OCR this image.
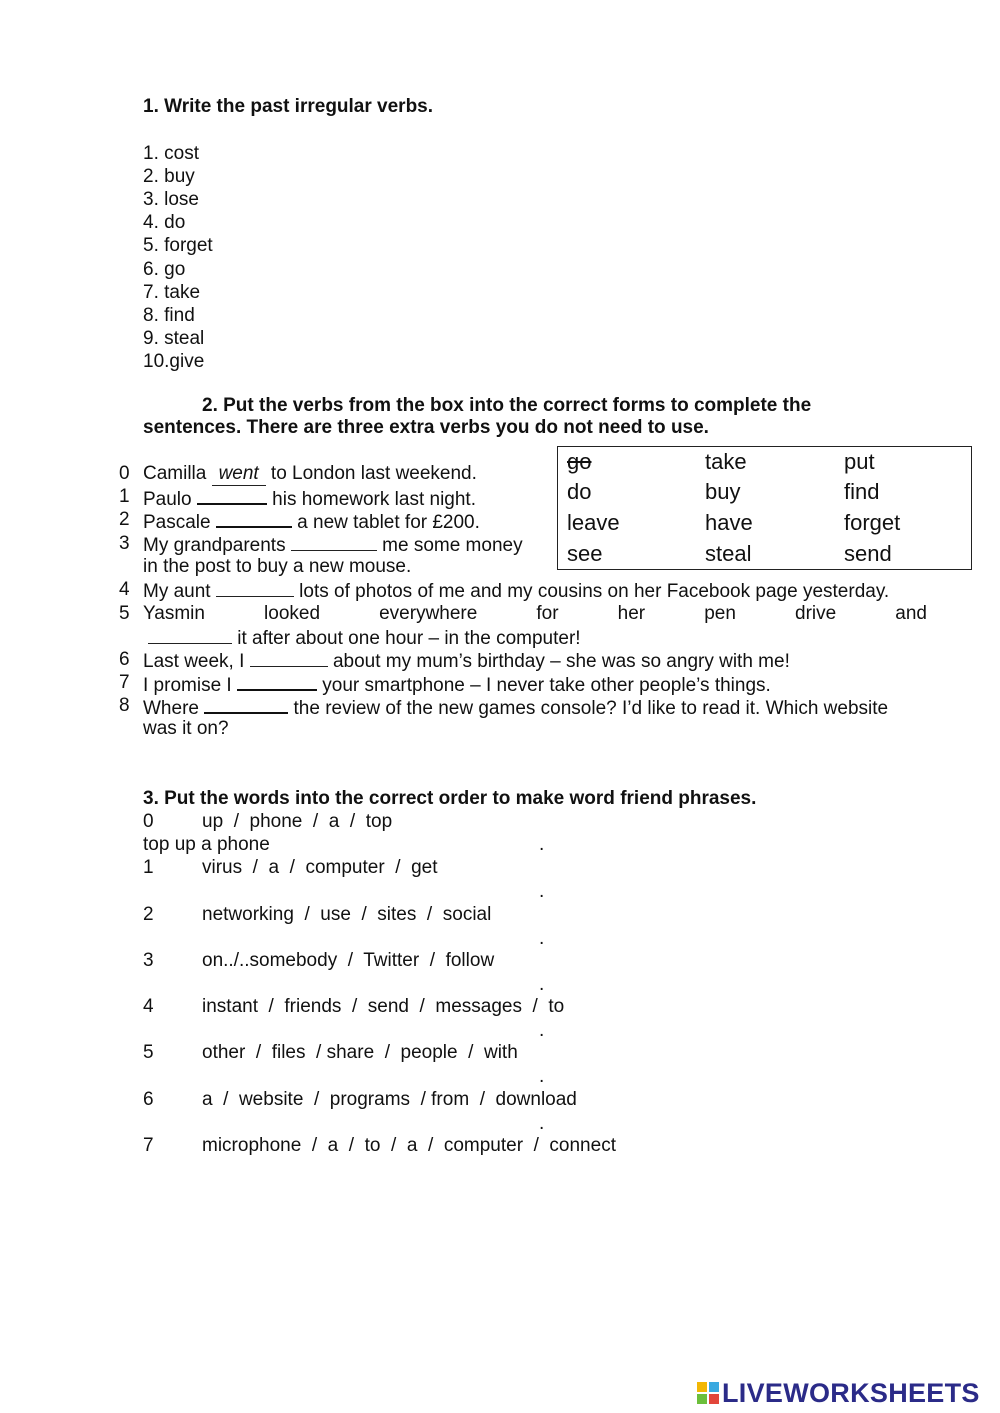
1. Write the past irregular verbs.
1. cost
2. buy
3. lose
4. do
5. forget
6. go
7. take
8. find
9. steal
10.give
2. Put the verbs from the box into the correct forms to complete the
sentences. There are three extra verbs you do not need to use.
go	take	put
do	buy	find
leave	have	forget
see	steal	send
0 Camilla went to London last weekend.
1 Paulo	his homework last night.
2 Pascale	a new tablet for £200.
3 My grandparents	me some money
in the post to buy a new mouse.
4 My aunt	lots of photos of me and my cousins on her Facebook page yesterday.
5 Yasmin	looked	everywhere	for	her	pen	drive	and
it after about one hour – in the computer!
6 Last week, I	about my mum’s birthday – she was so angry with me!
7 I promise I	your smartphone – I never take other people’s things.
8 Where	the review of the new games console? I’d like to read it. Which website
was it on?
3. Put the words into the correct order to make word friend phrases.
0	up  /  phone  /  a  /  top
top up a phone	.
1	virus  /  a  /  computer  /  get
.
2	networking  /  use  /  sites  /  social
.
3	on../..somebody  /  Twitter  /  follow
.
4	instant  /  friends  /  send  /  messages  /  to
.
5	other  /  files  / share  /  people  /  with
.
6	a  /  website  /  programs  / from  /  download
.
7	microphone  /  a  /  to  /  a  /  computer  /  connect
LIVEWORKSHEETS
